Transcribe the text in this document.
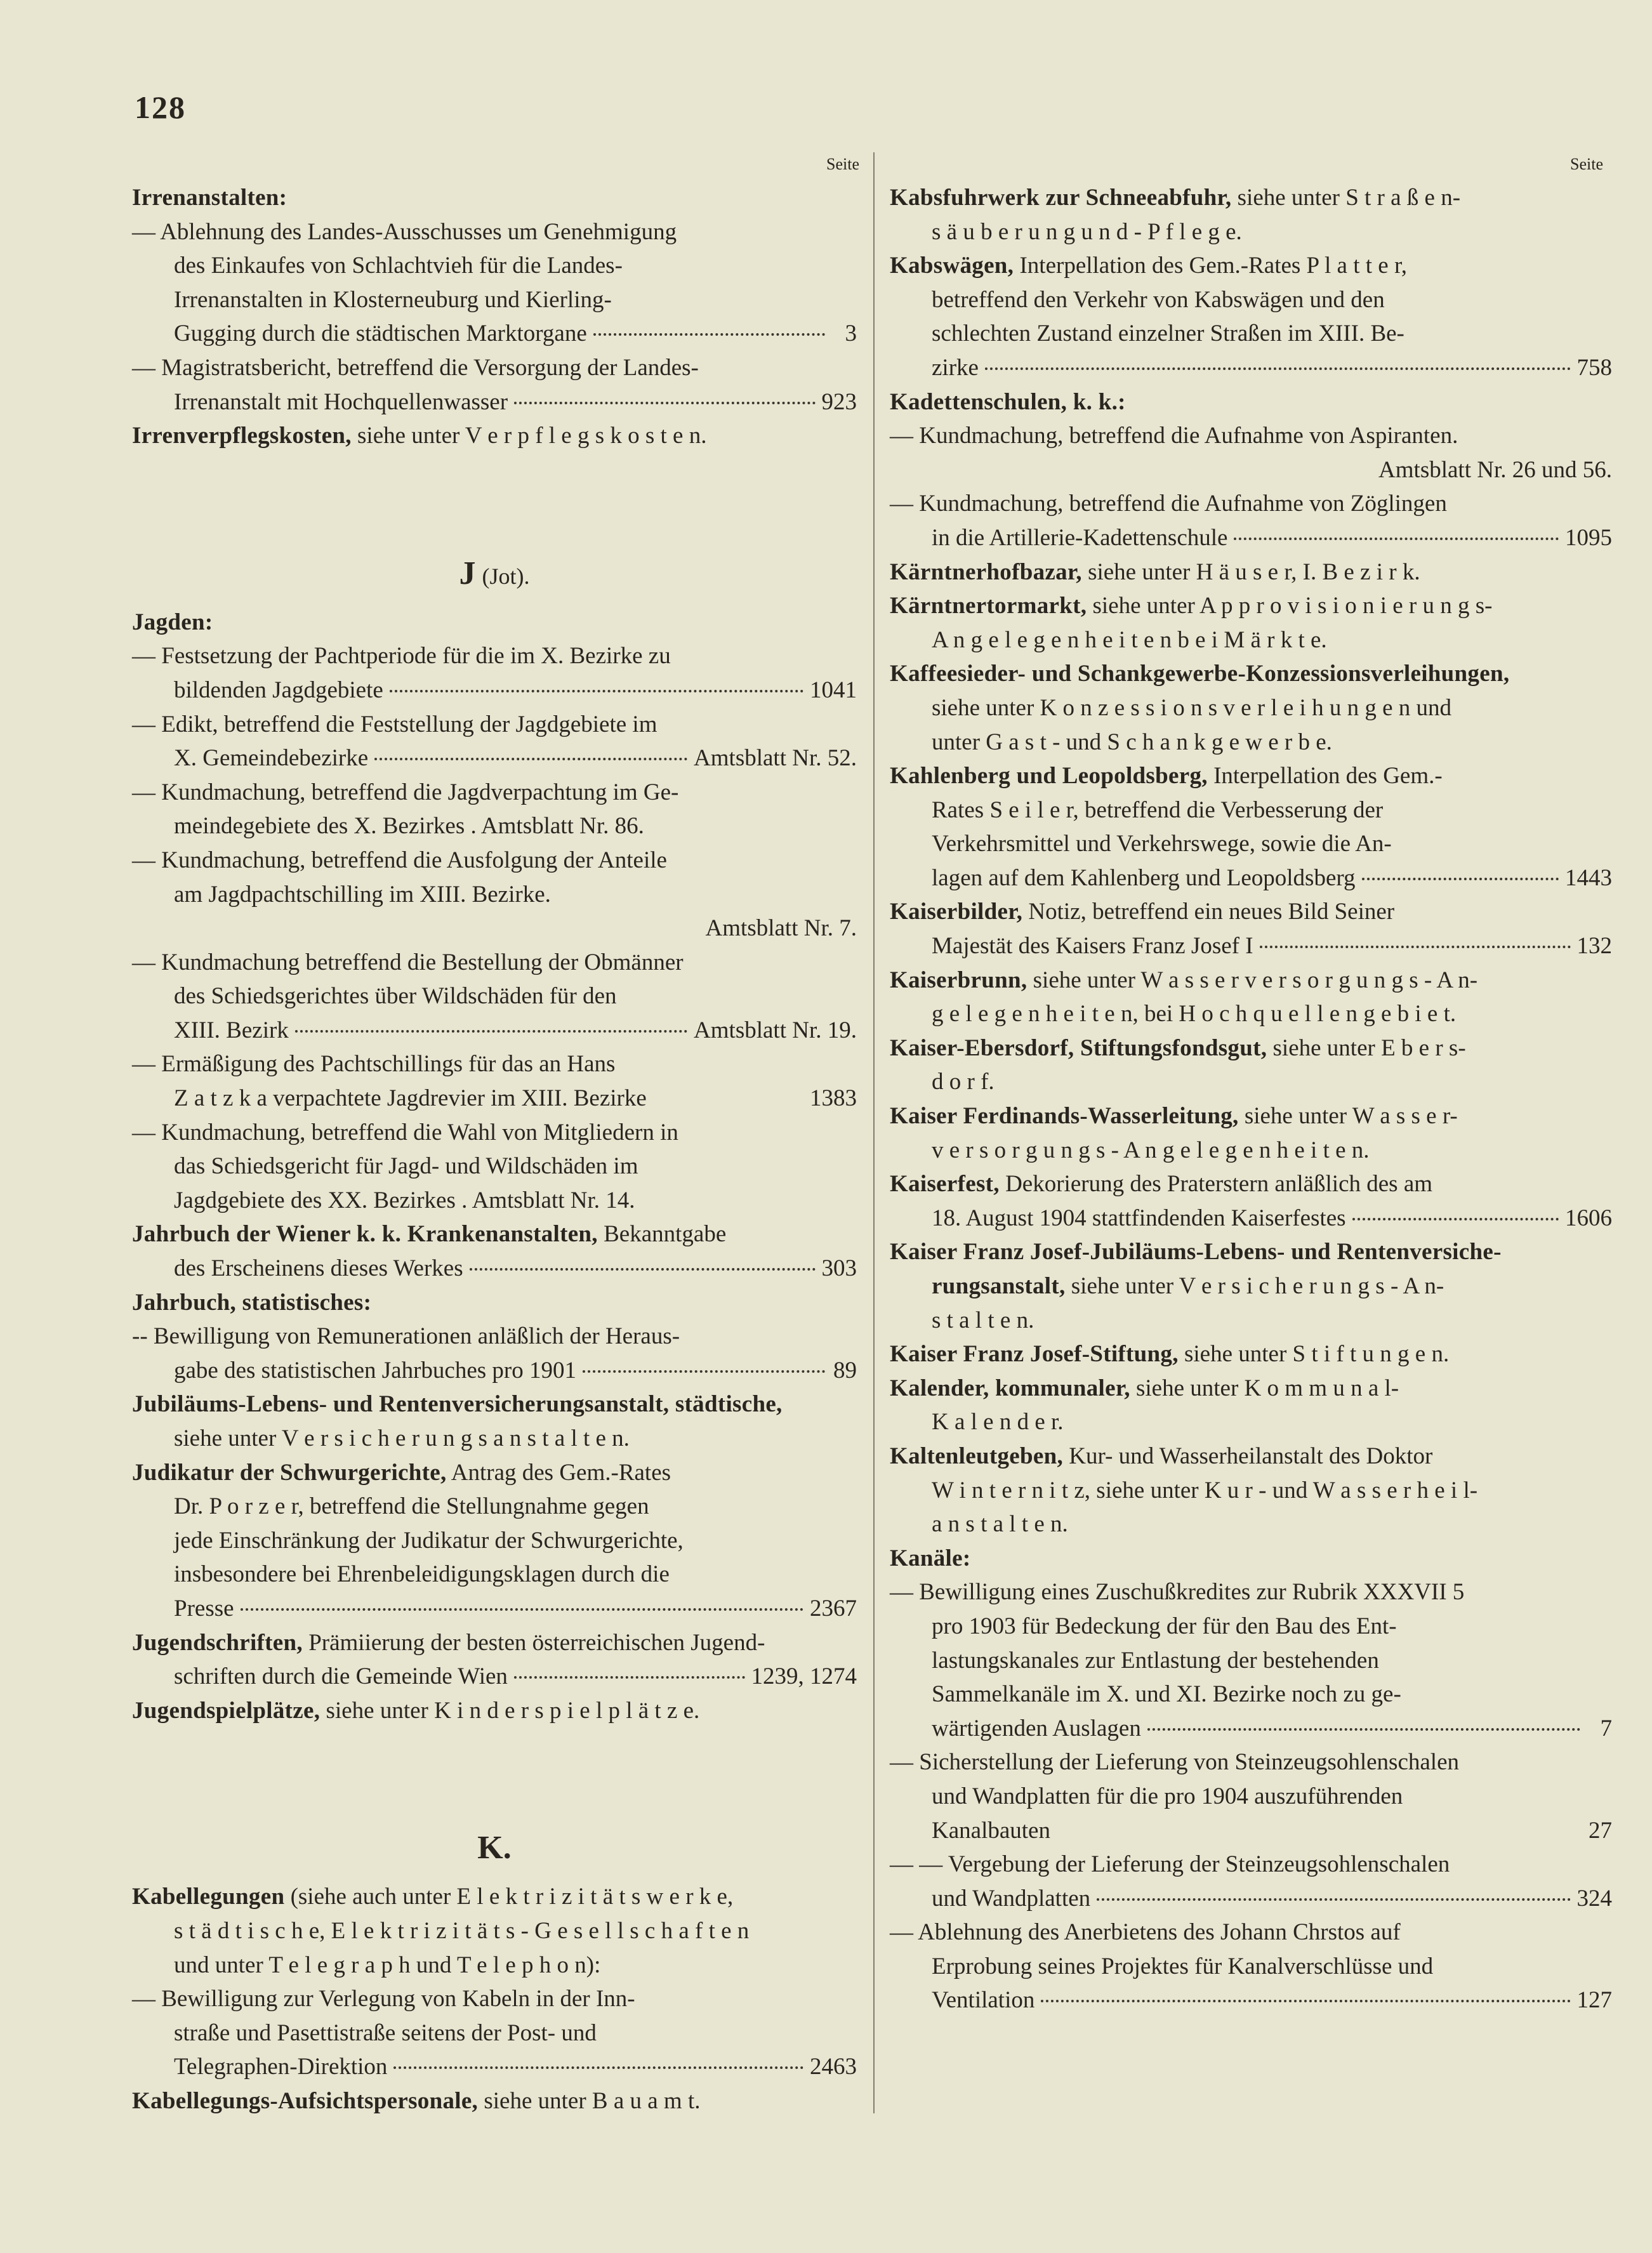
128
Seite	Seite
Irrenanstalten:
— Ablehnung des Landes-Ausschusses um Genehmigung
des Einkaufes von Schlachtvieh für die Landes-
Irrenanstalten in Klosterneuburg und Kierling-
Gugging durch die städtischen Marktorgane	3
— Magistratsbericht, betreffend die Versorgung der Landes-
Irrenanstalt mit Hochquellenwasser	923
Irrenverpflegskosten, siehe unter V e r p f l e g s k o s t e n.
J (Jot).
Jagden:
— Festsetzung der Pachtperiode für die im X. Bezirke zu
bildenden Jagdgebiete	1041
— Edikt, betreffend die Feststellung der Jagdgebiete im
X. Gemeindebezirke	Amtsblatt Nr. 52.
— Kundmachung, betreffend die Jagdverpachtung im Ge-
meindegebiete des X. Bezirkes . Amtsblatt Nr. 86.
— Kundmachung, betreffend die Ausfolgung der Anteile
am Jagdpachtschilling im XIII. Bezirke.
Amtsblatt Nr. 7.
— Kundmachung betreffend die Bestellung der Obmänner
des Schiedsgerichtes über Wildschäden für den
XIII. Bezirk	Amtsblatt Nr. 19.
— Ermäßigung des Pachtschillings für das an Hans
Z a t z k a verpachtete Jagdrevier im XIII. Bezirke	1383
— Kundmachung, betreffend die Wahl von Mitgliedern in
das Schiedsgericht für Jagd- und Wildschäden im
Jagdgebiete des XX. Bezirkes . Amtsblatt Nr. 14.
Jahrbuch der Wiener k. k. Krankenanstalten, Bekanntgabe
des Erscheinens dieses Werkes	303
Jahrbuch, statistisches:
-- Bewilligung von Remunerationen anläßlich der Heraus-
gabe des statistischen Jahrbuches pro 1901	89
Jubiläums-Lebens- und Rentenversicherungsanstalt, städtische,
siehe unter V e r s i c h e r u n g s a n s t a l t e n.
Judikatur der Schwurgerichte, Antrag des Gem.-Rates
Dr. P o r z e r, betreffend die Stellungnahme gegen
jede Einschränkung der Judikatur der Schwurgerichte,
insbesondere bei Ehrenbeleidigungsklagen durch die
Presse	2367
Jugendschriften, Prämiierung der besten österreichischen Jugend-
schriften durch die Gemeinde Wien	1239, 1274
Jugendspielplätze, siehe unter K i n d e r s p i e l p l ä t z e.
K.
Kabellegungen (siehe auch unter E l e k t r i z i t ä t s w e r k e,
s t ä d t i s c h e, E l e k t r i z i t ä t s - G e s e l l s c h a f t e n
und unter T e l e g r a p h und T e l e p h o n):
— Bewilligung zur Verlegung von Kabeln in der Inn-
straße und Pasettistraße seitens der Post- und
Telegraphen-Direktion	2463
Kabellegungs-Aufsichtspersonale, siehe unter B a u a m t.
Kabsfuhrwerk zur Schneeabfuhr, siehe unter S t r a ß e n-
s ä u b e r u n g u n d - P f l e g e.
Kabswägen, Interpellation des Gem.-Rates P l a t t e r,
betreffend den Verkehr von Kabswägen und den
schlechten Zustand einzelner Straßen im XIII. Be-
zirke	758
Kadettenschulen, k. k.:
— Kundmachung, betreffend die Aufnahme von Aspiranten.
Amtsblatt Nr. 26 und 56.
— Kundmachung, betreffend die Aufnahme von Zöglingen
in die Artillerie-Kadettenschule	1095
Kärntnerhofbazar, siehe unter H ä u s e r, I. B e z i r k.
Kärntnertormarkt, siehe unter A p p r o v i s i o n i e r u n g s-
A n g e l e g e n h e i t e n b e i M ä r k t e.
Kaffeesieder- und Schankgewerbe-Konzessionsverleihungen,
siehe unter K o n z e s s i o n s v e r l e i h u n g e n und
unter G a s t - und S c h a n k g e w e r b e.
Kahlenberg und Leopoldsberg, Interpellation des Gem.-
Rates S e i l e r, betreffend die Verbesserung der
Verkehrsmittel und Verkehrswege, sowie die An-
lagen auf dem Kahlenberg und Leopoldsberg	1443
Kaiserbilder, Notiz, betreffend ein neues Bild Seiner
Majestät des Kaisers Franz Josef I	132
Kaiserbrunn, siehe unter W a s s e r v e r s o r g u n g s - A n-
g e l e g e n h e i t e n, bei H o c h q u e l l e n g e b i e t.
Kaiser-Ebersdorf, Stiftungsfondsgut, siehe unter E b e r s-
d o r f.
Kaiser Ferdinands-Wasserleitung, siehe unter W a s s e r-
v e r s o r g u n g s - A n g e l e g e n h e i t e n.
Kaiserfest, Dekorierung des Praterstern anläßlich des am
18. August 1904 stattfindenden Kaiserfestes	1606
Kaiser Franz Josef-Jubiläums-Lebens- und Rentenversiche-
rungsanstalt, siehe unter V e r s i c h e r u n g s - A n-
s t a l t e n.
Kaiser Franz Josef-Stiftung, siehe unter S t i f t u n g e n.
Kalender, kommunaler, siehe unter K o m m u n a l-
K a l e n d e r.
Kaltenleutgeben, Kur- und Wasserheilanstalt des Doktor
W i n t e r n i t z, siehe unter K u r - und W a s s e r h e i l-
a n s t a l t e n.
Kanäle:
— Bewilligung eines Zuschußkredites zur Rubrik XXXVII 5
pro 1903 für Bedeckung der für den Bau des Ent-
lastungskanales zur Entlastung der bestehenden
Sammelkanäle im X. und XI. Bezirke noch zu ge-
wärtigenden Auslagen	7
— Sicherstellung der Lieferung von Steinzeugsohlenschalen
und Wandplatten für die pro 1904 auszuführenden
Kanalbauten	27
— — Vergebung der Lieferung der Steinzeugsohlenschalen
und Wandplatten	324
— Ablehnung des Anerbietens des Johann Chrstos auf
Erprobung seines Projektes für Kanalverschlüsse und
Ventilation	127
